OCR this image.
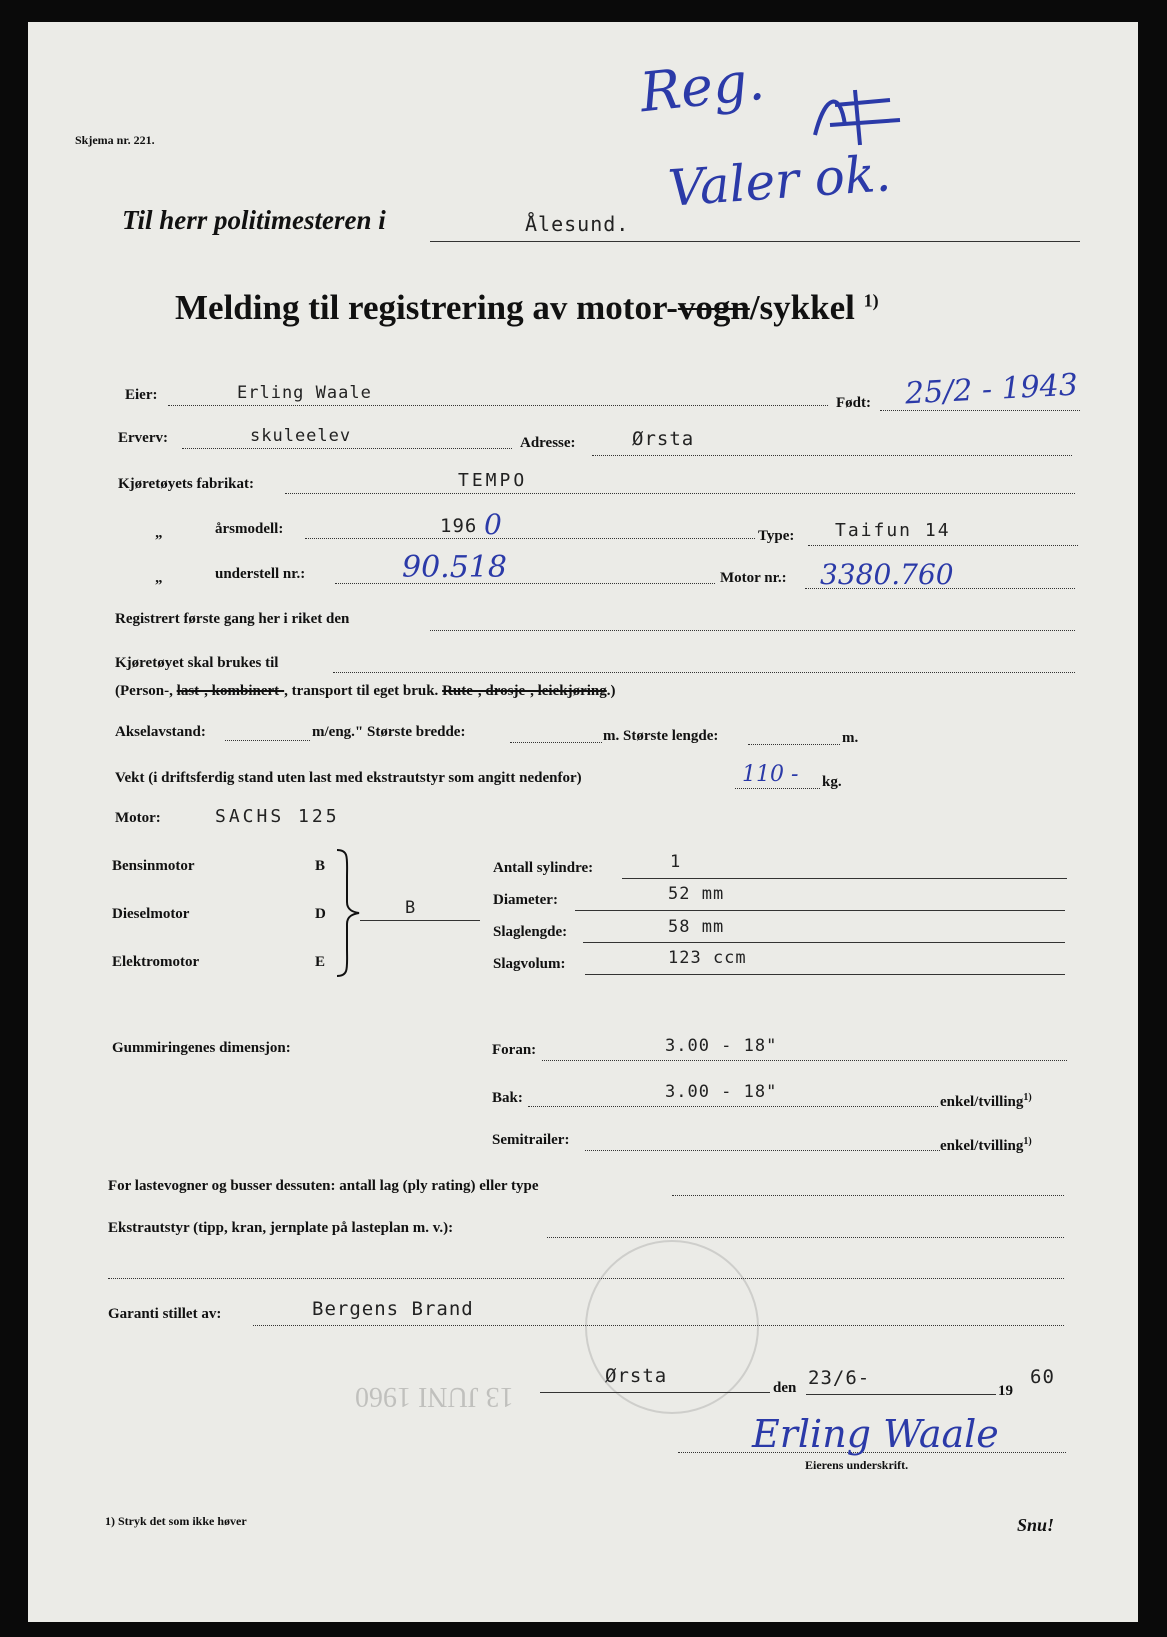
13 JUNI 1960
Skjema nr. 221.
Reg.
Valer ok.
Til herr politimesteren i	Ålesund.
Melding til registrering av motor-vogn/sykkel $^{1)}$
Eier:	Erling Waale	Født: 25/2 - 1943
Erverv:	skuleelev	Adresse:	Ørsta
Kjøretøyets fabrikat:	TEMPO
„	årsmodell:	196 0	Type: Taifun 14
„	understell nr.:	90.518	Motor nr.: 3380.760
Registrert første gang her i riket den
Kjøretøyet skal brukes til
(Person-, last-, kombinert-, transport til eget bruk. Rute-, drosje-, leiekjøring.)
Akselavstand:	m/eng." Største bredde:	m. Største lengde:	m.
Vekt (i driftsferdig stand uten last med ekstrautstyr som angitt nedenfor)	110 - kg.
Motor:	SACHS 125
Bensinmotor	B
Dieselmotor	D
Elektromotor	E
B
Antall sylindre:	1
Diameter:	52 mm
Slaglengde:	58 mm
Slagvolum:	123 ccm
Gummiringenes dimensjon:	Foran:	3.00 - 18"
Bak:	3.00 - 18"	enkel/tvilling$^{1)}$
Semitrailer:	enkel/tvilling$^{1)}$
For lastevogner og busser dessuten: antall lag (ply rating) eller type
Ekstrautstyr (tipp, kran, jernplate på lasteplan m. v.):
Garanti stillet av:	Bergens Brand
Ørsta
den 23/6-
19
60
Erling Waale
Eierens underskrift.
1) Stryk det som ikke høver	Snu!
